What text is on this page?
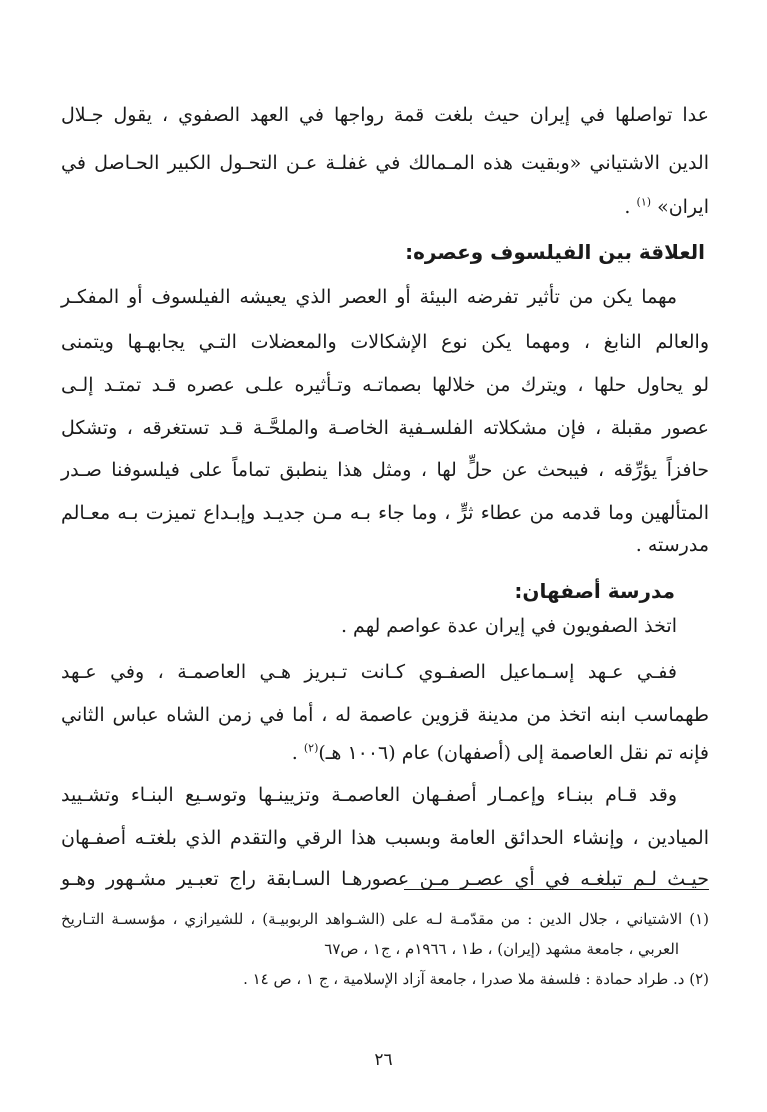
عدا تواصلها في إيران حيث بلغت قمة رواجها في العهد الصفوي ، يقول جـلال
الدين الاشتياني «وبقيت هذه المـمالك في غفلـة عـن التحـول الكبير الحـاصل في
ايران» $^{(١)}$ .
العلاقة بين الفيلسوف وعصره:
مهما يكن من تأثير تفرضه البيئة أو العصر الذي يعيشه الفيلسوف أو المفكـر
والعالم النابغ ، ومهما يكن نوع الإشكالات والمعضلات التـي يجابهـها ويتمنى
لو يحاول حلها ، ويترك من خلالها بصماتـه وتـأثيره علـى عصره قـد تمتـد إلـى
عصور مقبلة ، فإن مشكلاته الفلسـفية الخاصـة والملحَّـة قـد تستغرقه ، وتشكل
حافزاً يؤرِّقه ، فيبحث عن حلٍّ لها ، ومثل هذا ينطبق تماماً على فيلسوفنا صـدر
المتألهين وما قدمه من عطاء ثرٍّ ، وما جاء بـه مـن جديـد وإبـداع تميزت بـه معـالم
مدرسته .
مدرسة أصفهان:
اتخذ الصفويون في إيران عدة عواصم لهم .
ففـي عـهد إسـماعيل الصفـوي كـانت تـبريز هـي العاصمـة ، وفي عـهد
طهماسب ابنه اتخذ من مدينة قزوين عاصمة له ، أما في زمن الشاه عباس الثاني
فإنه تم نقل العاصمة إلى (أصفهان) عام (١٠٠٦ هـ)$^{(٢)}$ .
وقد قـام ببنـاء وإعمـار أصفـهان العاصمـة وتزيينـها وتوسـيع البنـاء وتشـييد
الميادين ، وإنشاء الحدائق العامة وبسبب هذا الرقي والتقدم الذي بلغتـه أصفـهان
حيـث لـم تبلغـه في أي عصـر مـن عصورهـا السـابقة راج تعبـير مشـهور وهـو
(١) الاشتياني ، جلال الدين : من مقدّمـة لـه على (الشـواهد الربوبيـة) ، للشيرازي ، مؤسسـة التـاريخ
العربي ، جامعة مشهد (إيران) ، ط١ ، ١٩٦٦م ، ج١ ، ص٦٧
(٢) د. طراد حمادة : فلسفة ملا صدرا ، جامعة آزاد الإسلامية ، ج ١ ، ص ١٤ .
٢٦
